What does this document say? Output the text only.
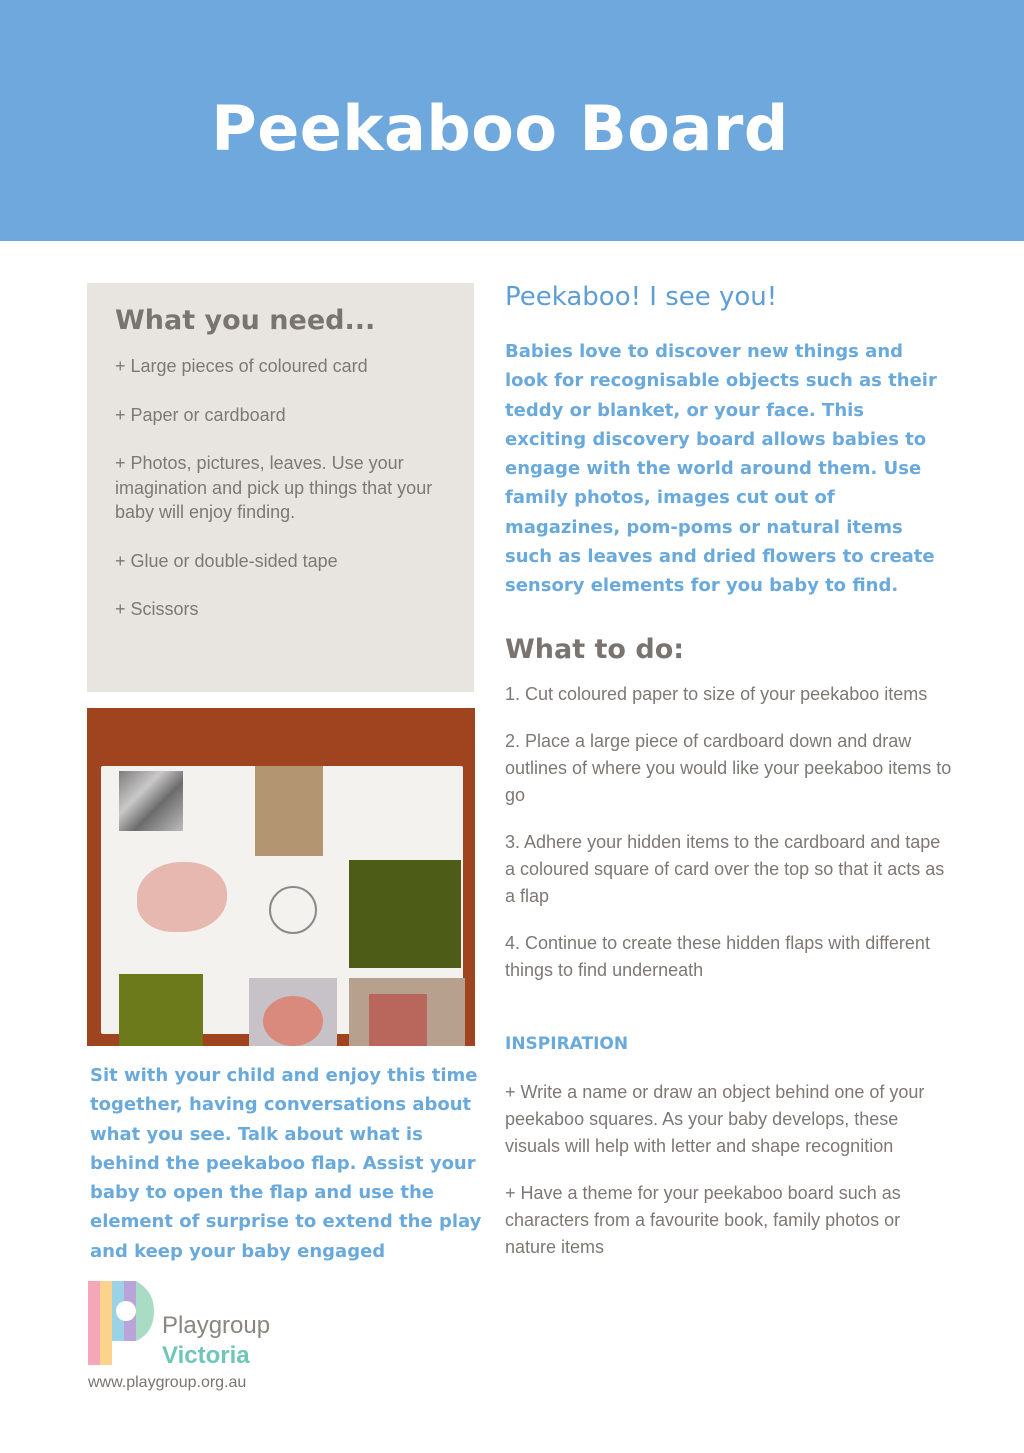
Peekaboo Board
What you need...
+ Large pieces of coloured card
+ Paper or cardboard
+ Photos, pictures, leaves. Use your imagination and pick up things that your baby will enjoy finding.
+ Glue or double-sided tape
+ Scissors
Peekaboo! I see you!

Babies love to discover new things and look for recognisable objects such as their teddy or blanket, or your face. This exciting discovery board allows babies to engage with the world around them. Use family photos, images cut out of magazines, pom-poms or natural items such as leaves and dried flowers to create sensory elements for you baby to find.

What to do:
1. Cut coloured paper to size of your peekaboo items
2. Place a large piece of cardboard down and draw outlines of where you would like your peekaboo items to go
3. Adhere your hidden items to the cardboard and tape a coloured square of card over the top so that it acts as a flap
4. Continue to create these hidden flaps with different things to find underneath
INSPIRATION
+ Write a name or draw an object behind one of your peekaboo squares. As your baby develops, these visuals will help with letter and shape recognition
+ Have a theme for your peekaboo board such as characters from a favourite book, family photos or nature items

Sit with your child and enjoy this time together, having conversations about what you see. Talk about what is behind the peekaboo flap. Assist your baby to open the flap and use the element of surprise to extend the play and keep your baby engaged

Playgroup
Victoria
www.playgroup.org.au
